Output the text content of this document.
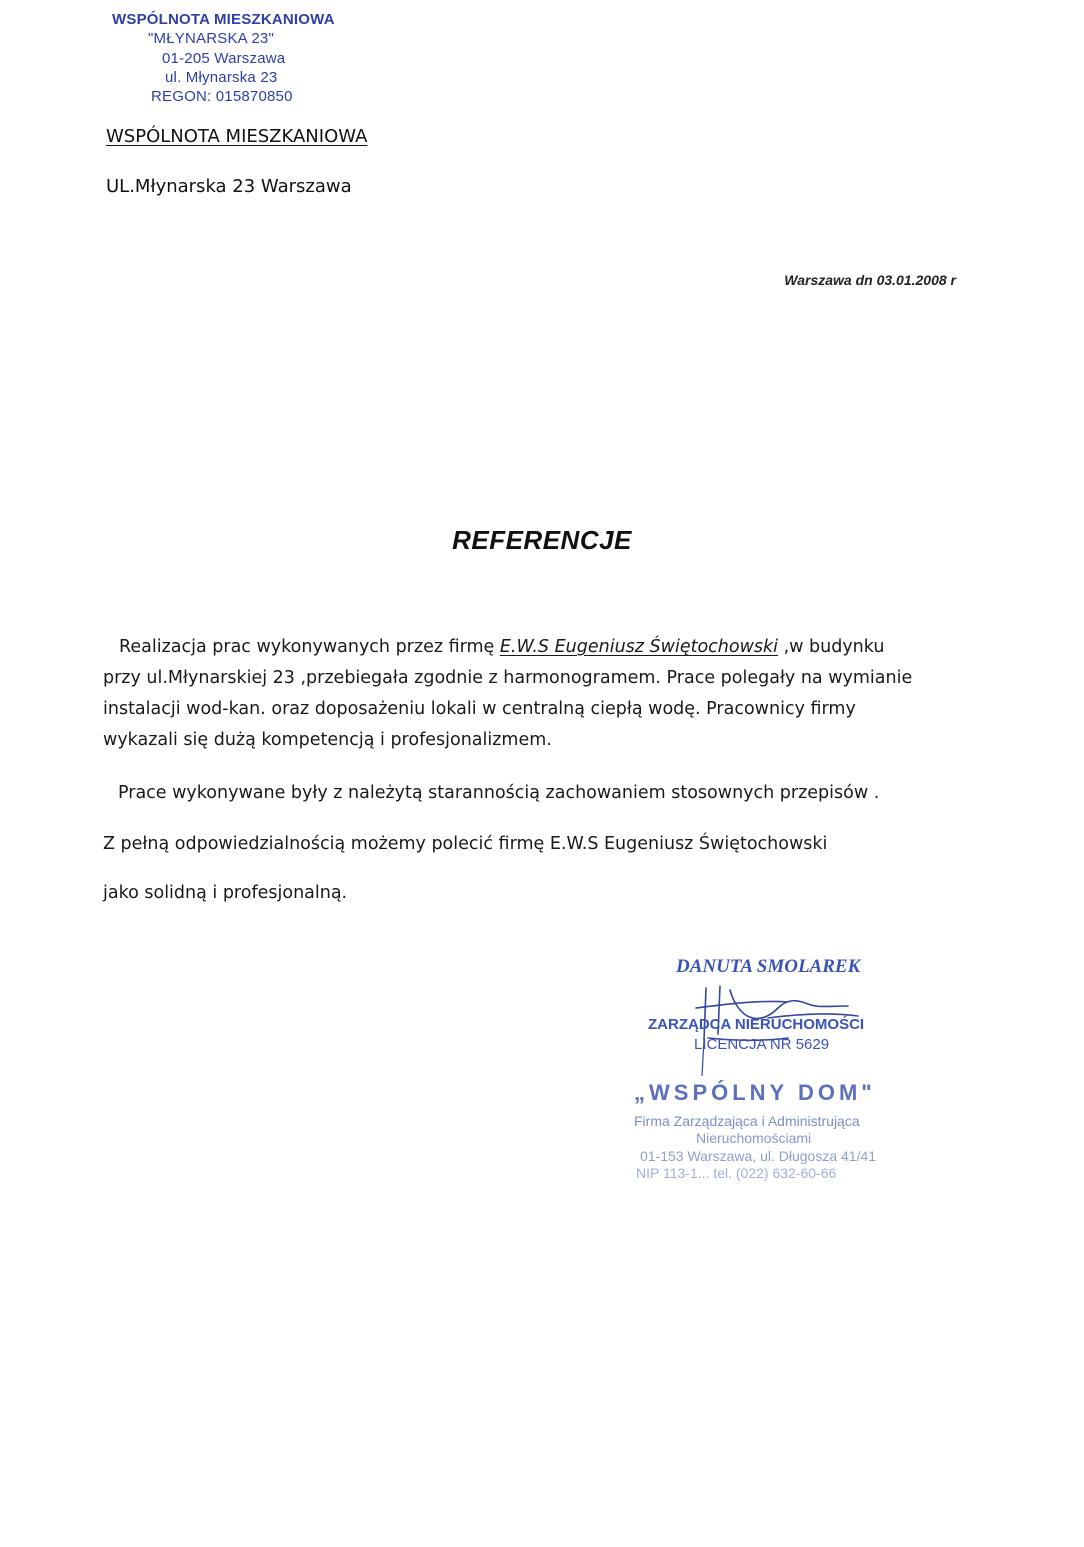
WSPÓLNOTA MIESZKANIOWA
"MŁYNARSKA 23"
01-205 Warszawa
ul. Młynarska 23
REGON: 015870850
WSPÓLNOTA MIESZKANIOWA
UL.Młynarska 23 Warszawa
Warszawa dn 03.01.2008 r
REFERENCJE
Realizacja prac wykonywanych przez firmę E.W.S Eugeniusz Świętochowski ,w budynku
przy ul.Młynarskiej 23 ,przebiegała zgodnie z harmonogramem. Prace polegały na wymianie
instalacji wod-kan. oraz doposażeniu lokali w centralną ciepłą wodę. Pracownicy firmy
wykazali się dużą kompetencją i profesjonalizmem.
Prace wykonywane były z należytą starannością zachowaniem stosownych przepisów .
Z pełną odpowiedzialnością możemy polecić firmę E.W.S Eugeniusz Świętochowski
jako solidną i profesjonalną.
DANUTA SMOLAREK
ZARZĄDCA NIERUCHOMOŚCI
LICENCJA NR 5629
„WSPÓLNY DOM"
Firma Zarządzająca i Administrująca
Nieruchomościami
01-153 Warszawa, ul. Długosza 41/41
NIP 113-1... tel. (022) 632-60-66
